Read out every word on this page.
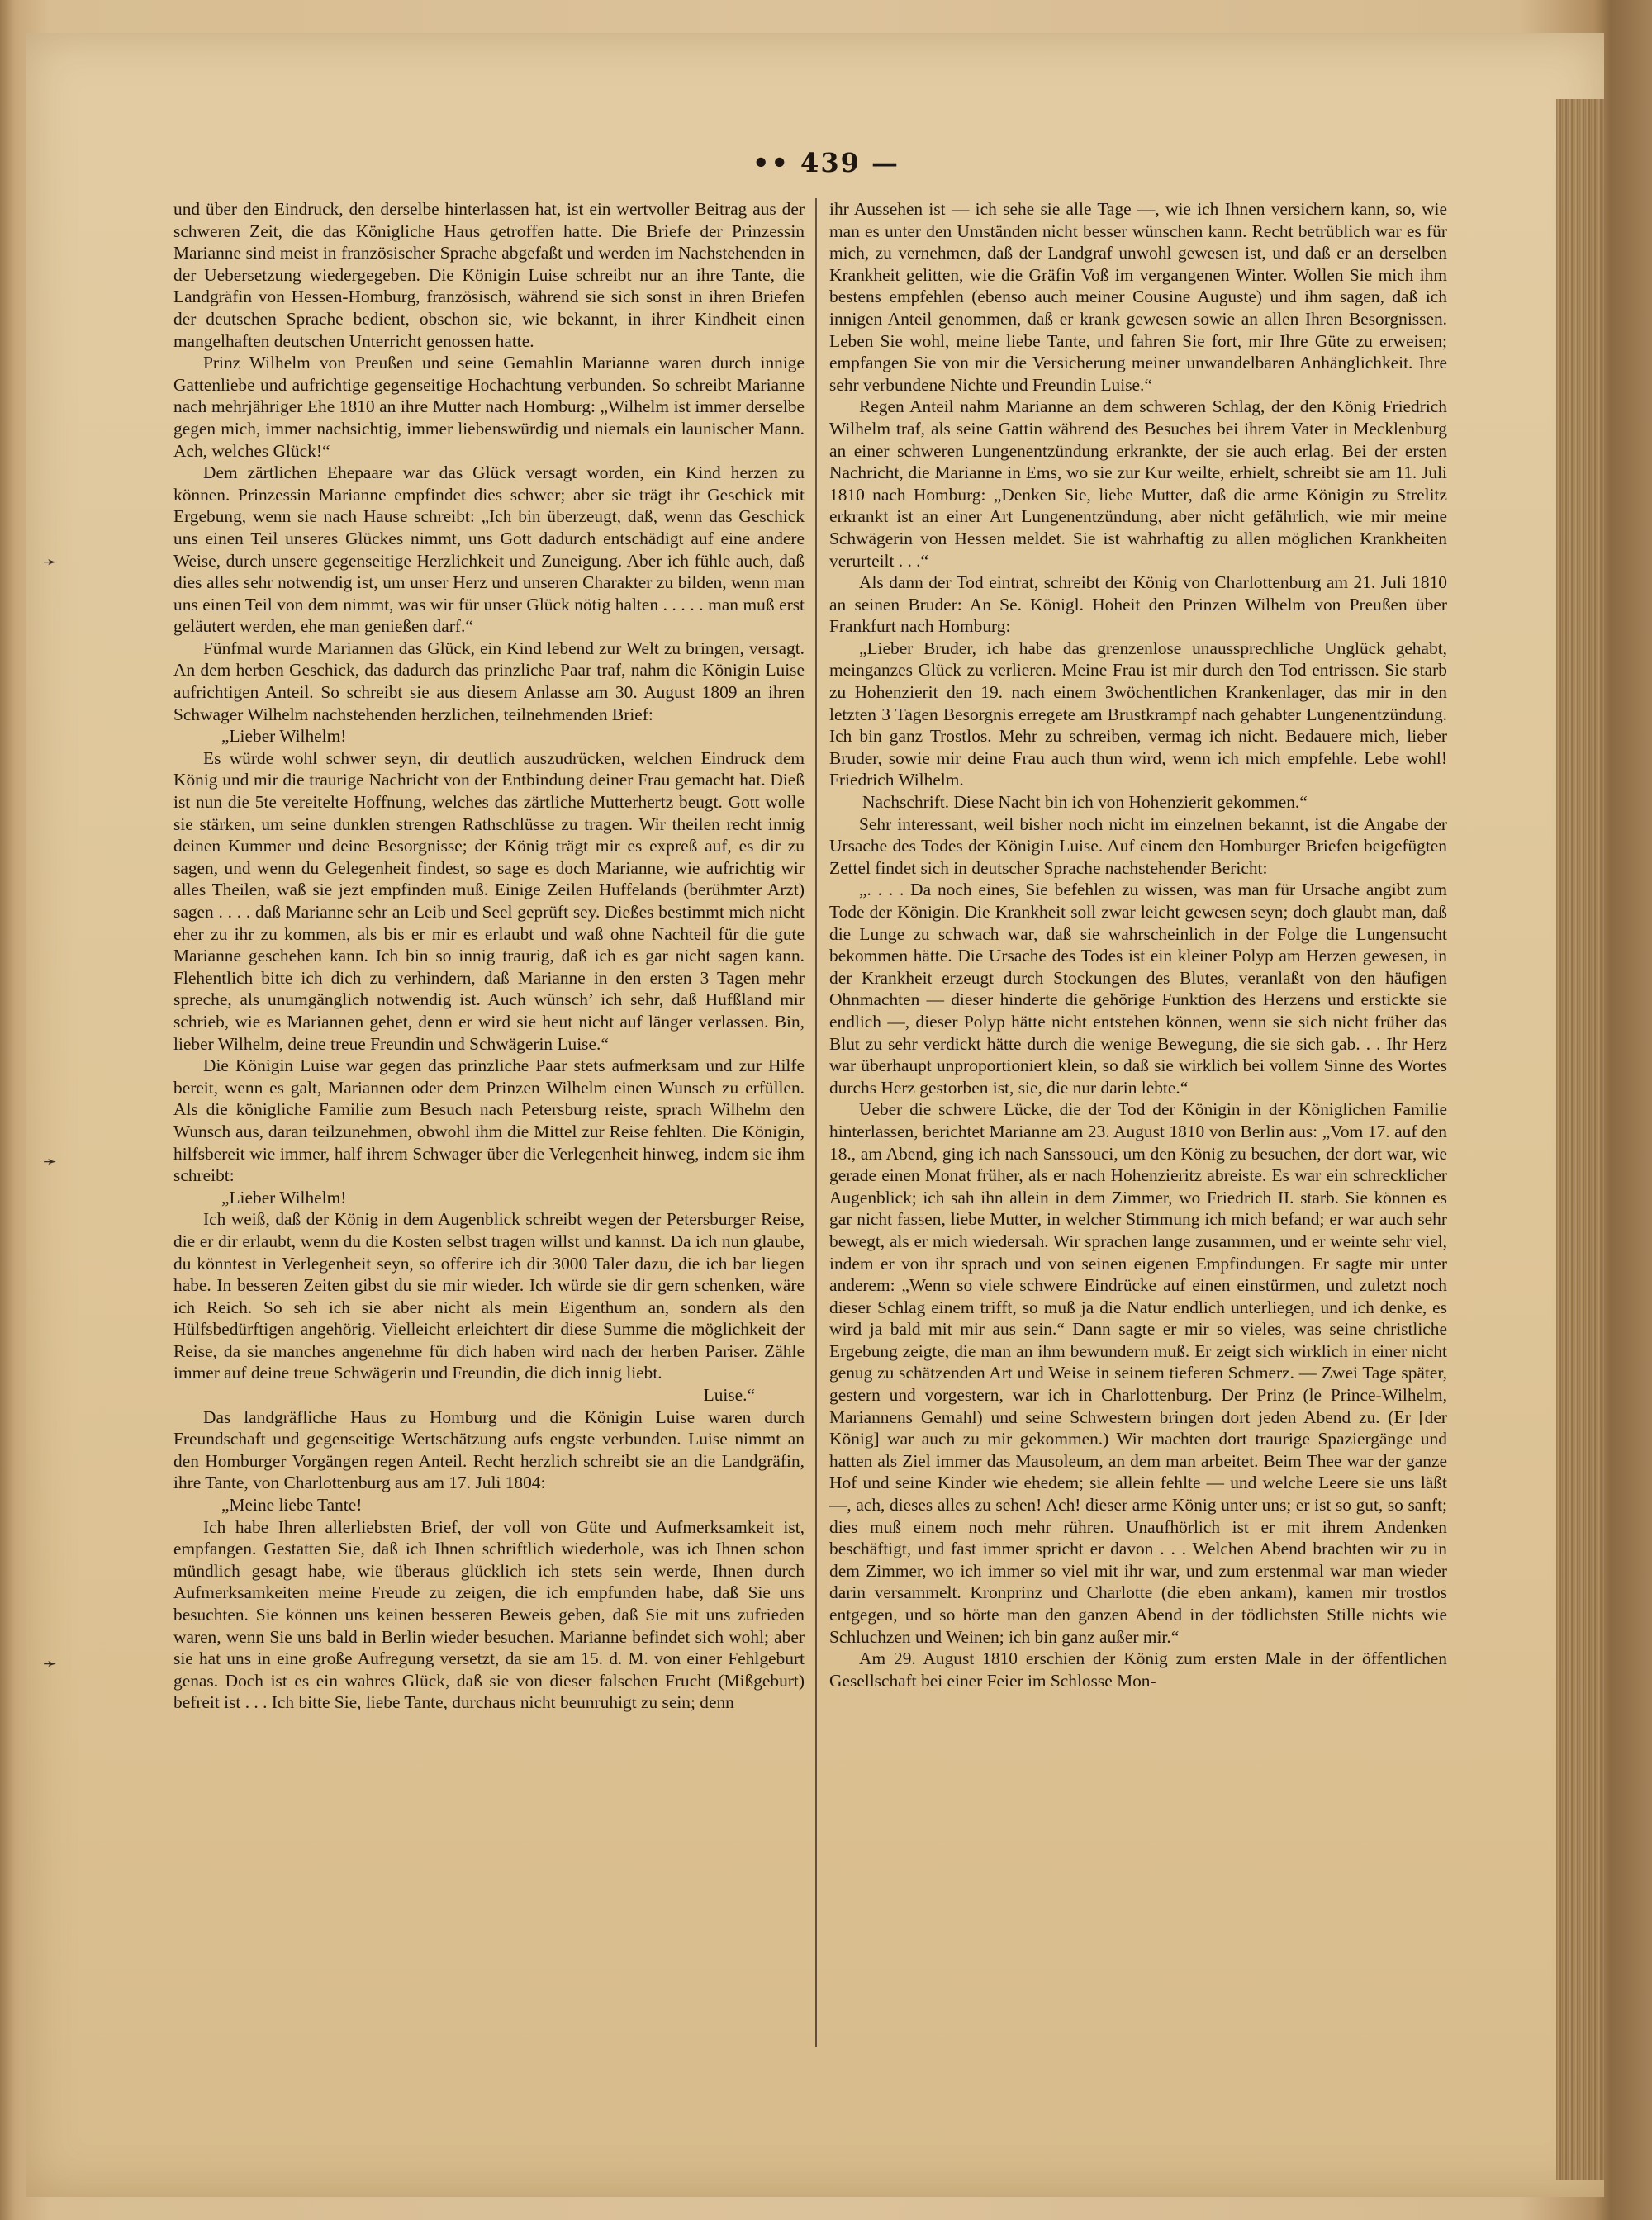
•• 439 —
➛
➛
➛

und über den Eindruck, den derselbe hinterlassen hat, ist ein wertvoller Beitrag aus der schweren Zeit, die das Königliche Haus getroffen hatte. Die Briefe der Prinzessin Marianne sind meist in französischer Sprache abgefaßt und werden im Nachstehenden in der Uebersetzung wiedergegeben. Die Königin Luise schreibt nur an ihre Tante, die Landgräfin von Hessen-Homburg, französisch, während sie sich sonst in ihren Briefen der deutschen Sprache bedient, obschon sie, wie bekannt, in ihrer Kindheit einen mangelhaften deutschen Unterricht genossen hatte.

Prinz Wilhelm von Preußen und seine Gemahlin Marianne waren durch innige Gattenliebe und aufrichtige gegenseitige Hochachtung verbunden. So schreibt Marianne nach mehrjähriger Ehe 1810 an ihre Mutter nach Homburg: „Wilhelm ist immer derselbe gegen mich, immer nachsichtig, immer liebenswürdig und niemals ein launischer Mann. Ach, welches Glück!“

Dem zärtlichen Ehepaare war das Glück versagt worden, ein Kind herzen zu können. Prinzessin Marianne empfindet dies schwer; aber sie trägt ihr Geschick mit Ergebung, wenn sie nach Hause schreibt: „Ich bin überzeugt, daß, wenn das Geschick uns einen Teil unseres Glückes nimmt, uns Gott dadurch entschädigt auf eine andere Weise, durch unsere gegenseitige Herzlichkeit und Zuneigung. Aber ich fühle auch, daß dies alles sehr notwendig ist, um unser Herz und unseren Charakter zu bilden, wenn man uns einen Teil von dem nimmt, was wir für unser Glück nötig halten . . . . . man muß erst geläutert werden, ehe man genießen darf.“

Fünfmal wurde Mariannen das Glück, ein Kind lebend zur Welt zu bringen, versagt. An dem herben Geschick, das dadurch das prinzliche Paar traf, nahm die Königin Luise aufrichtigen Anteil. So schreibt sie aus diesem Anlasse am 30. August 1809 an ihren Schwager Wilhelm nachstehenden herzlichen, teilnehmenden Brief:

„Lieber Wilhelm!

Es würde wohl schwer seyn, dir deutlich auszudrücken, welchen Eindruck dem König und mir die traurige Nachricht von der Entbindung deiner Frau gemacht hat. Dieß ist nun die 5te vereitelte Hoffnung, welches das zärtliche Mutterhertz beugt. Gott wolle sie stärken, um seine dunklen strengen Rathschlüsse zu tragen. Wir theilen recht innig deinen Kummer und deine Besorgnisse; der König trägt mir es expreß auf, es dir zu sagen, und wenn du Gelegenheit findest, so sage es doch Marianne, wie aufrichtig wir alles Theilen, waß sie jezt empfinden muß. Einige Zeilen Huffelands (berühmter Arzt) sagen . . . . daß Marianne sehr an Leib und Seel geprüft sey. Dießes bestimmt mich nicht eher zu ihr zu kommen, als bis er mir es erlaubt und waß ohne Nachteil für die gute Marianne geschehen kann. Ich bin so innig traurig, daß ich es gar nicht sagen kann. Flehentlich bitte ich dich zu verhindern, daß Marianne in den ersten 3 Tagen mehr spreche, als unumgänglich notwendig ist. Auch wünsch’ ich sehr, daß Hufßland mir schrieb, wie es Mariannen gehet, denn er wird sie heut nicht auf länger verlassen. Bin, lieber Wilhelm, deine treue Freundin und Schwägerin Luise.“

Die Königin Luise war gegen das prinzliche Paar stets aufmerksam und zur Hilfe bereit, wenn es galt, Mariannen oder dem Prinzen Wilhelm einen Wunsch zu erfüllen. Als die königliche Familie zum Besuch nach Petersburg reiste, sprach Wilhelm den Wunsch aus, daran teilzunehmen, obwohl ihm die Mittel zur Reise fehlten. Die Königin, hilfsbereit wie immer, half ihrem Schwager über die Verlegenheit hinweg, indem sie ihm schreibt:

„Lieber Wilhelm!

Ich weiß, daß der König in dem Augenblick schreibt wegen der Petersburger Reise, die er dir erlaubt, wenn du die Kosten selbst tragen willst und kannst. Da ich nun glaube, du könntest in Verlegenheit seyn, so offerire ich dir 3000 Taler dazu, die ich bar liegen habe. In besseren Zeiten gibst du sie mir wieder. Ich würde sie dir gern schenken, wäre ich Reich. So seh ich sie aber nicht als mein Eigenthum an, sondern als den Hülfsbedürftigen angehörig. Vielleicht erleichtert dir diese Summe die möglichkeit der Reise, da sie manches angenehme für dich haben wird nach der herben Pariser. Zähle immer auf deine treue Schwägerin und Freundin, die dich innig liebt.

Luise.“

Das landgräfliche Haus zu Homburg und die Königin Luise waren durch Freundschaft und gegenseitige Wertschätzung aufs engste verbunden. Luise nimmt an den Homburger Vorgängen regen Anteil. Recht herzlich schreibt sie an die Landgräfin, ihre Tante, von Charlottenburg aus am 17. Juli 1804:

„Meine liebe Tante!

Ich habe Ihren allerliebsten Brief, der voll von Güte und Aufmerksamkeit ist, empfangen. Gestatten Sie, daß ich Ihnen schriftlich wiederhole, was ich Ihnen schon mündlich gesagt habe, wie überaus glücklich ich stets sein werde, Ihnen durch Aufmerksamkeiten meine Freude zu zeigen, die ich empfunden habe, daß Sie uns besuchten. Sie können uns keinen besseren Beweis geben, daß Sie mit uns zufrieden waren, wenn Sie uns bald in Berlin wieder besuchen. Marianne befindet sich wohl; aber sie hat uns in eine große Aufregung versetzt, da sie am 15. d. M. von einer Fehlgeburt genas. Doch ist es ein wahres Glück, daß sie von dieser falschen Frucht (Mißgeburt) befreit ist . . . Ich bitte Sie, liebe Tante, durchaus nicht beunruhigt zu sein; denn

ihr Aussehen ist — ich sehe sie alle Tage —, wie ich Ihnen versichern kann, so, wie man es unter den Umständen nicht besser wünschen kann. Recht betrüblich war es für mich, zu vernehmen, daß der Landgraf unwohl gewesen ist, und daß er an derselben Krankheit gelitten, wie die Gräfin Voß im vergangenen Winter. Wollen Sie mich ihm bestens empfehlen (ebenso auch meiner Cousine Auguste) und ihm sagen, daß ich innigen Anteil genommen, daß er krank gewesen sowie an allen Ihren Besorgnissen. Leben Sie wohl, meine liebe Tante, und fahren Sie fort, mir Ihre Güte zu erweisen; empfangen Sie von mir die Versicherung meiner unwandelbaren Anhänglichkeit. Ihre sehr verbundene Nichte und Freundin Luise.“

Regen Anteil nahm Marianne an dem schweren Schlag, der den König Friedrich Wilhelm traf, als seine Gattin während des Besuches bei ihrem Vater in Mecklenburg an einer schweren Lungenentzündung erkrankte, der sie auch erlag. Bei der ersten Nachricht, die Marianne in Ems, wo sie zur Kur weilte, erhielt, schreibt sie am 11. Juli 1810 nach Homburg: „Denken Sie, liebe Mutter, daß die arme Königin zu Strelitz erkrankt ist an einer Art Lungenentzündung, aber nicht gefährlich, wie mir meine Schwägerin von Hessen meldet. Sie ist wahrhaftig zu allen möglichen Krankheiten verurteilt . . .“

Als dann der Tod eintrat, schreibt der König von Charlottenburg am 21. Juli 1810 an seinen Bruder: An Se. Königl. Hoheit den Prinzen Wilhelm von Preußen über Frankfurt nach Homburg:

„Lieber Bruder, ich habe das grenzenlose unaussprechliche Unglück gehabt, meinganzes Glück zu verlieren. Meine Frau ist mir durch den Tod entrissen. Sie starb zu Hohenzierit den 19. nach einem 3wöchentlichen Krankenlager, das mir in den letzten 3 Tagen Besorgnis erregete am Brustkrampf nach gehabter Lungenentzündung. Ich bin ganz Trostlos. Mehr zu schreiben, vermag ich nicht. Bedauere mich, lieber Bruder, sowie mir deine Frau auch thun wird, wenn ich mich empfehle. Lebe wohl! Friedrich Wilhelm.

Nachschrift. Diese Nacht bin ich von Hohenzierit gekommen.“

Sehr interessant, weil bisher noch nicht im einzelnen bekannt, ist die Angabe der Ursache des Todes der Königin Luise. Auf einem den Homburger Briefen beigefügten Zettel findet sich in deutscher Sprache nachstehender Bericht:

„. . . . Da noch eines, Sie befehlen zu wissen, was man für Ursache angibt zum Tode der Königin. Die Krankheit soll zwar leicht gewesen seyn; doch glaubt man, daß die Lunge zu schwach war, daß sie wahrscheinlich in der Folge die Lungensucht bekommen hätte. Die Ursache des Todes ist ein kleiner Polyp am Herzen gewesen, in der Krankheit erzeugt durch Stockungen des Blutes, veranlaßt von den häufigen Ohnmachten — dieser hinderte die gehörige Funktion des Herzens und erstickte sie endlich —, dieser Polyp hätte nicht entstehen können, wenn sie sich nicht früher das Blut zu sehr verdickt hätte durch die wenige Bewegung, die sie sich gab. . . Ihr Herz war überhaupt unproportioniert klein, so daß sie wirklich bei vollem Sinne des Wortes durchs Herz gestorben ist, sie, die nur darin lebte.“

Ueber die schwere Lücke, die der Tod der Königin in der Königlichen Familie hinterlassen, berichtet Marianne am 23. August 1810 von Berlin aus: „Vom 17. auf den 18., am Abend, ging ich nach Sanssouci, um den König zu besuchen, der dort war, wie gerade einen Monat früher, als er nach Hohenzieritz abreiste. Es war ein schrecklicher Augenblick; ich sah ihn allein in dem Zimmer, wo Friedrich II. starb. Sie können es gar nicht fassen, liebe Mutter, in welcher Stimmung ich mich befand; er war auch sehr bewegt, als er mich wiedersah. Wir sprachen lange zusammen, und er weinte sehr viel, indem er von ihr sprach und von seinen eigenen Empfindungen. Er sagte mir unter anderem: „Wenn so viele schwere Eindrücke auf einen einstürmen, und zuletzt noch dieser Schlag einem trifft, so muß ja die Natur endlich unterliegen, und ich denke, es wird ja bald mit mir aus sein.“ Dann sagte er mir so vieles, was seine christliche Ergebung zeigte, die man an ihm bewundern muß. Er zeigt sich wirklich in einer nicht genug zu schätzenden Art und Weise in seinem tieferen Schmerz. — Zwei Tage später, gestern und vorgestern, war ich in Charlottenburg. Der Prinz (le Prince-Wilhelm, Mariannens Gemahl) und seine Schwestern bringen dort jeden Abend zu. (Er [der König] war auch zu mir gekommen.) Wir machten dort traurige Spaziergänge und hatten als Ziel immer das Mausoleum, an dem man arbeitet. Beim Thee war der ganze Hof und seine Kinder wie ehedem; sie allein fehlte — und welche Leere sie uns läßt —, ach, dieses alles zu sehen! Ach! dieser arme König unter uns; er ist so gut, so sanft; dies muß einem noch mehr rühren. Unaufhörlich ist er mit ihrem Andenken beschäftigt, und fast immer spricht er davon . . . Welchen Abend brachten wir zu in dem Zimmer, wo ich immer so viel mit ihr war, und zum erstenmal war man wieder darin versammelt. Kronprinz und Charlotte (die eben ankam), kamen mir trostlos entgegen, und so hörte man den ganzen Abend in der tödlichsten Stille nichts wie Schluchzen und Weinen; ich bin ganz außer mir.“

Am 29. August 1810 erschien der König zum ersten Male in der öffentlichen Gesellschaft bei einer Feier im Schlosse Mon-
